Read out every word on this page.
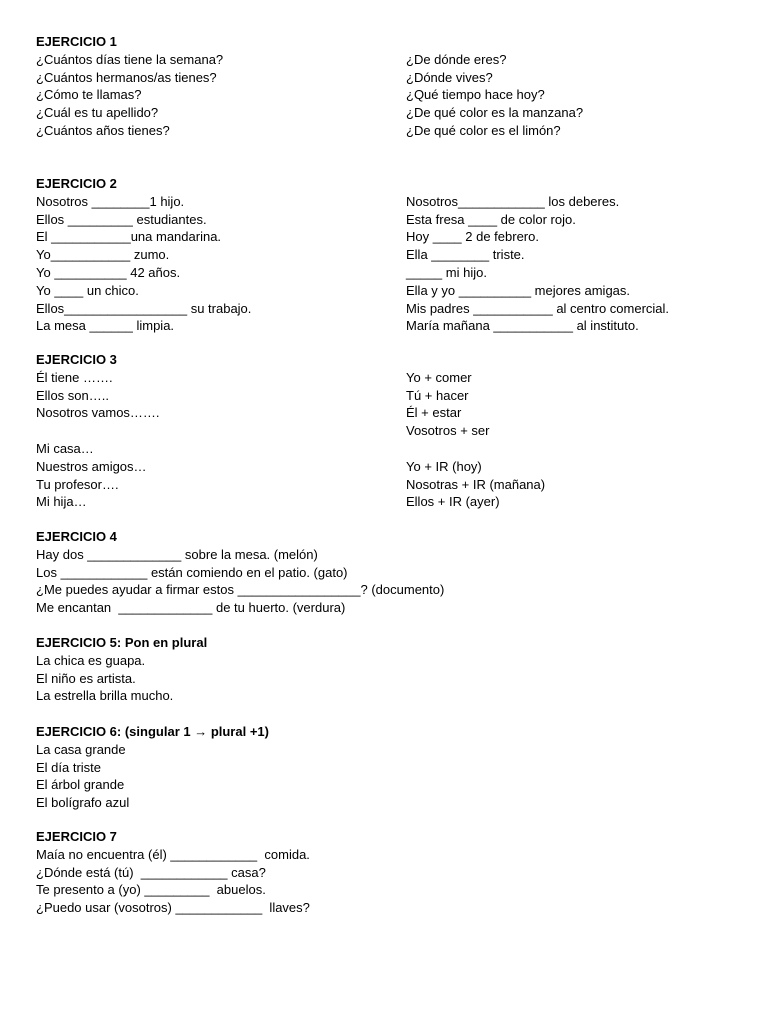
EJERCICIO 1
¿Cuántos días tiene la semana?
¿Cuántos hermanos/as tienes?
¿Cómo te llamas?
¿Cuál es tu apellido?
¿Cuántos años tienes?
¿De dónde eres?
¿Dónde vives?
¿Qué tiempo hace hoy?
¿De qué color es la manzana?
¿De qué color es el limón?
EJERCICIO 2
Nosotros ________1 hijo.
Ellos _________ estudiantes.
El ___________una mandarina.
Yo___________ zumo.
Yo __________ 42 años.
Yo ____ un chico.
Ellos_________________ su trabajo.
La mesa ______ limpia.
Nosotros____________ los deberes.
Esta fresa ____ de color rojo.
Hoy ____ 2 de febrero.
Ella ________ triste.
_____ mi hijo.
Ella y yo __________ mejores amigas.
Mis padres ___________ al centro comercial.
María mañana ___________ al instituto.
EJERCICIO 3
Él tiene …….
Ellos son…..
Nosotros vamos…….
Mi casa…
Nuestros amigos…
Tu profesor….
Mi hija…
Yo + comer
Tú + hacer
Él + estar
Vosotros + ser
Yo + IR (hoy)
Nosotras + IR (mañana)
Ellos + IR (ayer)
EJERCICIO 4
Hay dos _____________ sobre la mesa. (melón)
Los ____________ están comiendo en el patio. (gato)
¿Me puedes ayudar a firmar estos _________________? (documento)
Me encantan  _____________ de tu huerto. (verdura)
EJERCICIO 5: Pon en plural
La chica es guapa.
El niño es artista.
La estrella brilla mucho.
EJERCICIO 6: (singular 1 → plural +1)
La casa grande
El día triste
El árbol grande
El bolígrafo azul
EJERCICIO 7
Maía no encuentra (él) ____________  comida.
¿Dónde está (tú)  ____________ casa?
Te presento a (yo) _________  abuelos.
¿Puedo usar (vosotros) ____________  llaves?
